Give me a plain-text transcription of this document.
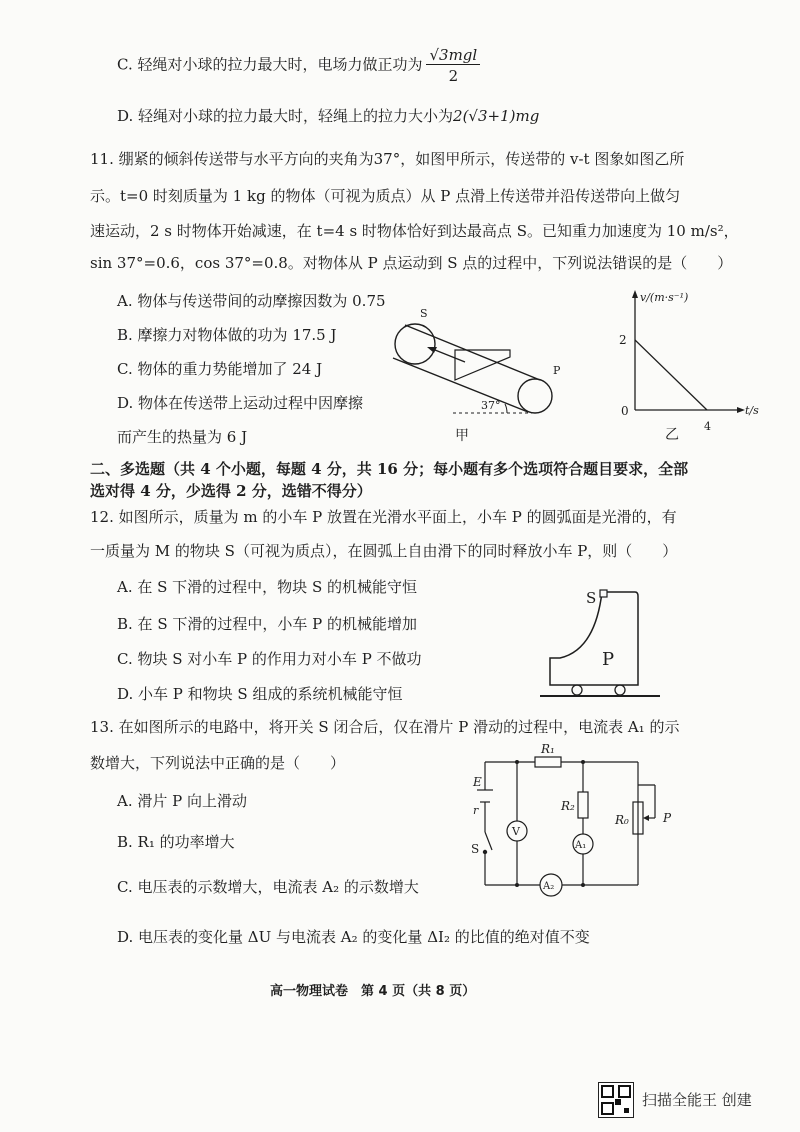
C. 轻绳对小球的拉力最大时，电场力做正功为 $\frac{\text{√3mgl}}{2}$
D. 轻绳对小球的拉力最大时，轻绳上的拉力大小为2(√3+1)mg
11. 绷紧的倾斜传送带与水平方向的夹角为37°，如图甲所示，传送带的 v-t 图象如图乙所
示。t=0 时刻质量为 1 kg 的物体（可视为质点）从 P 点滑上传送带并沿传送带向上做匀
速运动，2 s 时物体开始减速，在 t=4 s 时物体恰好到达最高点 S。已知重力加速度为 10 m/s²，
sin 37°=0.6，cos 37°=0.8。对物体从 P 点运动到 S 点的过程中，下列说法错误的是（　　）
A. 物体与传送带间的动摩擦因数为 0.75
B. 摩擦力对物体做的功为 17.5 J
C. 物体的重力势能增加了 24 J
D. 物体在传送带上运动过程中因摩擦
而产生的热量为 6 J
S
P
37°
甲
v/(m·s⁻¹)
t/s
2
4
0
乙
二、多选题（共 4 个小题，每题 4 分，共 16 分；每小题有多个选项符合题目要求，全部
选对得 4 分，少选得 2 分，选错不得分）
12. 如图所示，质量为 m 的小车 P 放置在光滑水平面上，小车 P 的圆弧面是光滑的，有
一质量为 M 的物块 S（可视为质点），在圆弧上自由滑下的同时释放小车 P，则（　　）
A. 在 S 下滑的过程中，物块 S 的机械能守恒
B. 在 S 下滑的过程中，小车 P 的机械能增加
C. 物块 S 对小车 P 的作用力对小车 P 不做功
D. 小车 P 和物块 S 组成的系统机械能守恒
S
P
13. 在如图所示的电路中，将开关 S 闭合后，仅在滑片 P 滑动的过程中，电流表 A₁ 的示
数增大，下列说法中正确的是（　　）
A. 滑片 P 向上滑动
B. R₁ 的功率增大
C. 电压表的示数增大，电流表 A₂ 的示数增大
D. 电压表的变化量 ΔU 与电流表 A₂ 的变化量 ΔI₂ 的比值的绝对值不变
E
r
S
V
R₁
R₂
A₁
A₂
R₀	P
高一物理试卷　第 4 页（共 8 页）
扫描全能王 创建
